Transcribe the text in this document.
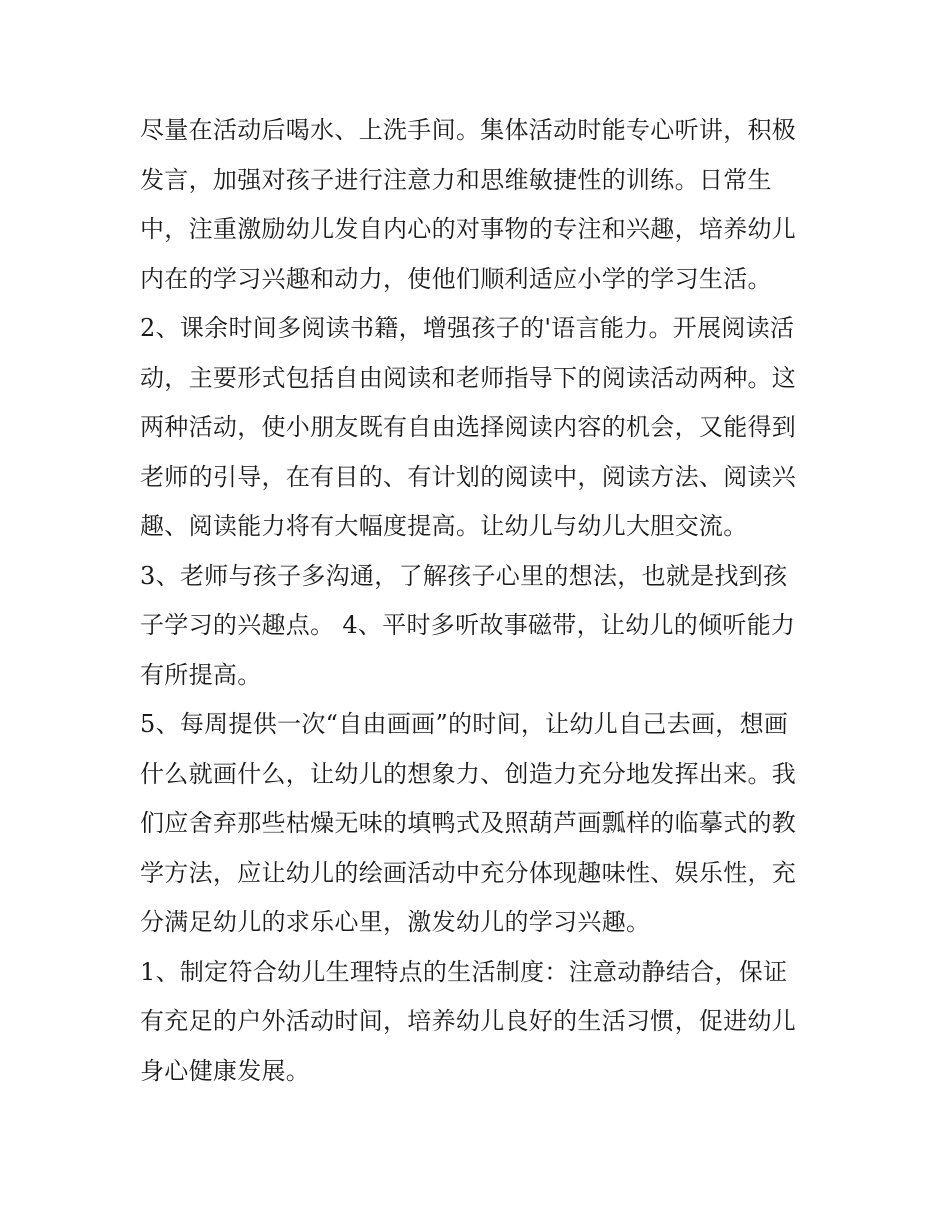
尽量在活动后喝水、上洗手间。集体活动时能专心听讲，积极
发言，加强对孩子进行注意力和思维敏捷性的训练。日常生
中，注重激励幼儿发自内心的对事物的专注和兴趣，培养幼儿
内在的学习兴趣和动力，使他们顺利适应小学的学习生活。
2、课余时间多阅读书籍，增强孩子的'语言能力。开展阅读活
动，主要形式包括自由阅读和老师指导下的阅读活动两种。这
两种活动，使小朋友既有自由选择阅读内容的机会，又能得到
老师的引导，在有目的、有计划的阅读中，阅读方法、阅读兴
趣、阅读能力将有大幅度提高。让幼儿与幼儿大胆交流。
3、老师与孩子多沟通，了解孩子心里的想法，也就是找到孩
子学习的兴趣点。 4、平时多听故事磁带，让幼儿的倾听能力
有所提高。
5、每周提供一次“自由画画”的时间，让幼儿自己去画，想画
什么就画什么，让幼儿的想象力、创造力充分地发挥出来。我
们应舍弃那些枯燥无味的填鸭式及照葫芦画瓢样的临摹式的教
学方法，应让幼儿的绘画活动中充分体现趣味性、娱乐性，充
分满足幼儿的求乐心里，激发幼儿的学习兴趣。
1、制定符合幼儿生理特点的生活制度：注意动静结合，保证
有充足的户外活动时间，培养幼儿良好的生活习惯，促进幼儿
身心健康发展。
